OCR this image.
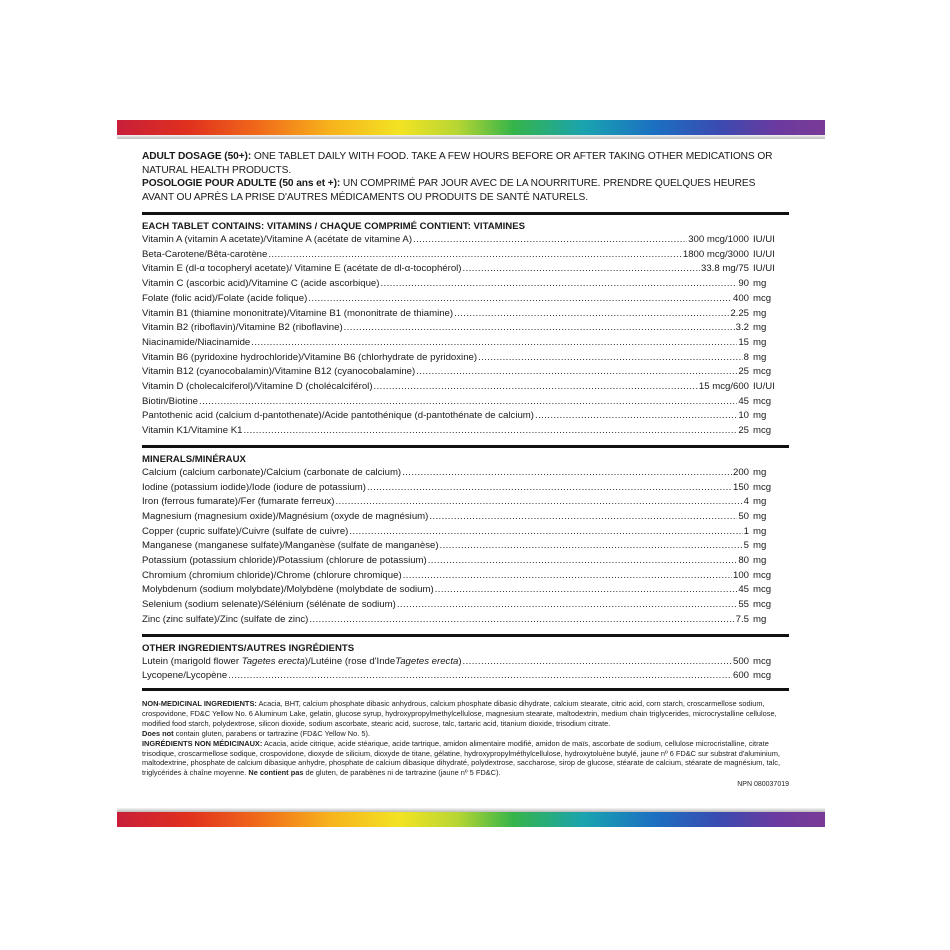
ADULT DOSAGE (50+): ONE TABLET DAILY WITH FOOD. TAKE A FEW HOURS BEFORE OR AFTER TAKING OTHER MEDICATIONS OR NATURAL HEALTH PRODUCTS.
POSOLOGIE POUR ADULTE (50 ans et +): UN COMPRIMÉ PAR JOUR AVEC DE LA NOURRITURE. PRENDRE QUELQUES HEURES AVANT OU APRÈS LA PRISE D'AUTRES MÉDICAMENTS OU PRODUITS DE SANTÉ NATURELS.
EACH TABLET CONTAINS: VITAMINS / CHAQUE COMPRIMÉ CONTIENT: VITAMINES
Vitamin A (vitamin A acetate)/Vitamine A (acétate de vitamine A) .....	300 mcg/1000 IU/UI
Beta-Carotene/Bêta-carotène .....	1800 mcg/3000 IU/UI
Vitamin E (dl-α tocopheryl acetate)/ Vitamine E (acétate de dl-α-tocophérol) .....	33.8 mg/75 IU/UI
Vitamin C (ascorbic acid)/Vitamine C (acide ascorbique) .....	90 mg
Folate (folic acid)/Folate (acide folique) .....	400 mcg
Vitamin B1 (thiamine mononitrate)/Vitamine B1 (mononitrate de thiamine) .....	2.25 mg
Vitamin B2 (riboflavin)/Vitamine B2 (riboflavine) .....	3.2 mg
Niacinamide/Niacinamide .....	15 mg
Vitamin B6 (pyridoxine hydrochloride)/Vitamine B6 (chlorhydrate de pyridoxine) .....	8 mg
Vitamin B12 (cyanocobalamin)/Vitamine B12 (cyanocobalamine) .....	25 mcg
Vitamin D (cholecalciferol)/Vitamine D (cholécalciférol) .....	15 mcg/600 IU/UI
Biotin/Biotine .....	45 mcg
Pantothenic acid (calcium d-pantothenate)/Acide pantothénique (d-pantothénate de calcium) .....	10 mg
Vitamin K1/Vitamine K1 .....	25 mcg
MINERALS/MINÉRAUX
Calcium (calcium carbonate)/Calcium (carbonate de calcium) .....	200 mg
Iodine (potassium iodide)/Iode (iodure de potassium) .....	150 mcg
Iron (ferrous fumarate)/Fer (fumarate ferreux) .....	4 mg
Magnesium (magnesium oxide)/Magnésium (oxyde de magnésium) .....	50 mg
Copper (cupric sulfate)/Cuivre (sulfate de cuivre) .....	1 mg
Manganese (manganese sulfate)/Manganèse (sulfate de manganèse) .....	5 mg
Potassium (potassium chloride)/Potassium (chlorure de potassium) .....	80 mg
Chromium (chromium chloride)/Chrome (chlorure chromique) .....	100 mcg
Molybdenum (sodium molybdate)/Molybdène (molybdate de sodium) .....	45 mcg
Selenium (sodium selenate)/Sélénium (sélénate de sodium) .....	55 mcg
Zinc (zinc sulfate)/Zinc (sulfate de zinc) .....	7.5 mg
OTHER INGREDIENTS/AUTRES INGRÉDIENTS
Lutein (marigold flower Tagetes erecta)/Lutéine (rose d'IndeTagetes erecta) .....	500 mcg
Lycopene/Lycopène .....	600 mcg
NON-MEDICINAL INGREDIENTS: Acacia, BHT, calcium phosphate dibasic anhydrous, calcium phosphate dibasic dihydrate, calcium stearate, citric acid, corn starch, croscarmellose sodium, crospovidone, FD&C Yellow No. 6 Aluminum Lake, gelatin, glucose syrup, hydroxypropylmethylcellulose, magnesium stearate, maltodextrin, medium chain triglycerides, microcrystalline cellulose, modified food starch, polydextrose, silicon dioxide, sodium ascorbate, stearic acid, sucrose, talc, tartaric acid, titanium dioxide, trisodium citrate.
Does not contain gluten, parabens or tartrazine (FD&C Yellow No. 5).
INGRÉDIENTS NON MÉDICINAUX: Acacia, acide citrique, acide stéarique, acide tartrique, amidon alimentaire modifié, amidon de maïs, ascorbate de sodium, cellulose microcristalline, citrate trisodique, croscarmellose sodique, crospovidone, dioxyde de silicium, dioxyde de titane, gélatine, hydroxypropylméthylcellulose, hydroxytoluène butylé, jaune nº 6 FD&C sur substrat d'aluminium, maltodextrine, phosphate de calcium dibasique anhydre, phosphate de calcium dibasique dihydraté, polydextrose, saccharose, sirop de glucose, stéarate de calcium, stéarate de magnésium, talc, triglycérides à chaîne moyenne. Ne contient pas de gluten, de parabènes ni de tartrazine (jaune nº 5 FD&C).
NPN 080037019
